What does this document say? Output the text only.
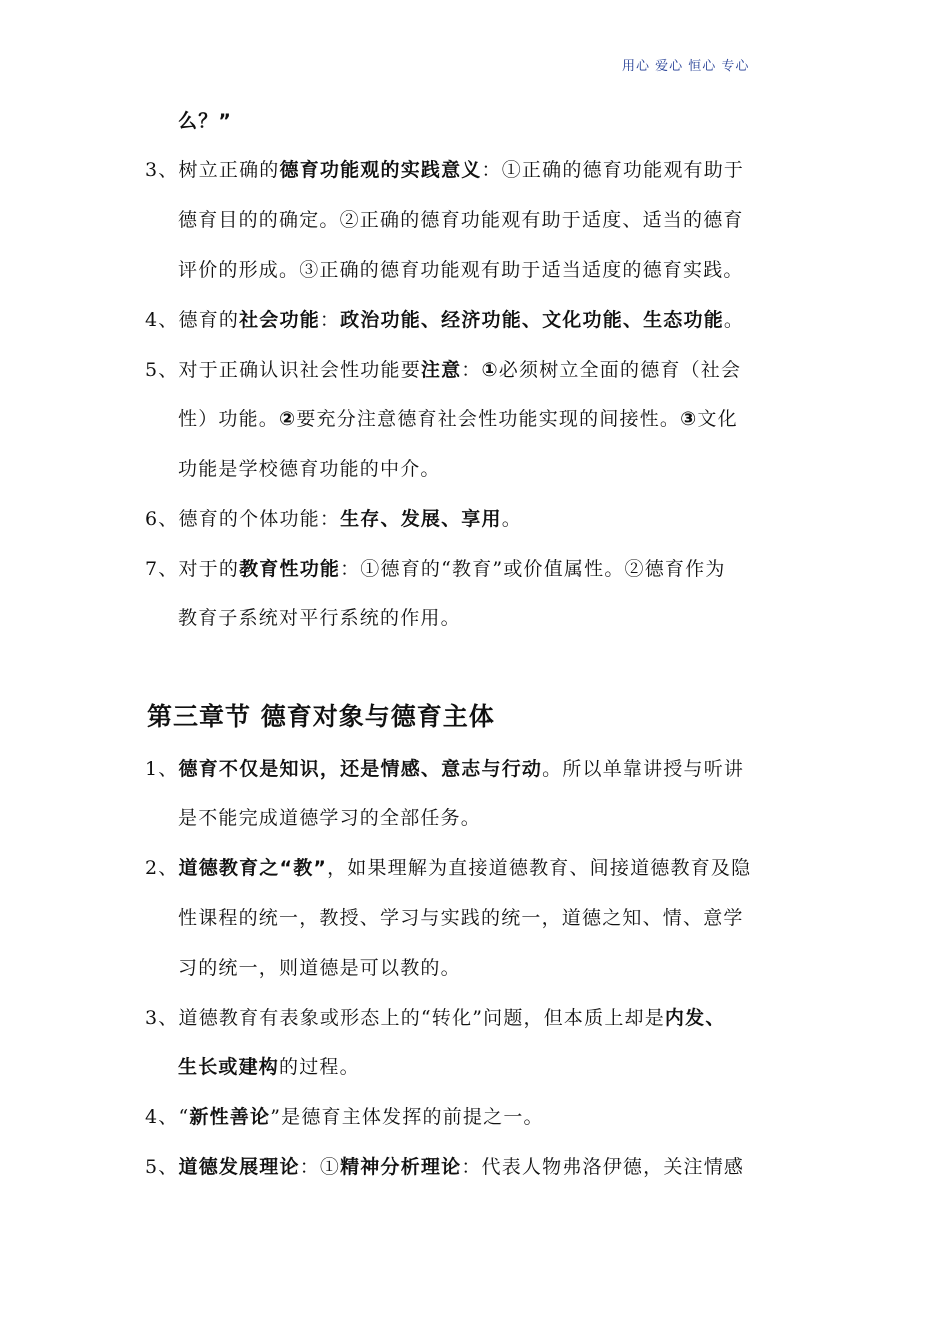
用心 爱心 恒心 专心
么？”
3、树立正确的德育功能观的实践意义：①正确的德育功能观有助于
德育目的的确定。②正确的德育功能观有助于适度、适当的德育
评价的形成。③正确的德育功能观有助于适当适度的德育实践。
4、德育的社会功能：政治功能、经济功能、文化功能、生态功能。
5、对于正确认识社会性功能要注意：①必须树立全面的德育（社会
性）功能。②要充分注意德育社会性功能实现的间接性。③文化
功能是学校德育功能的中介。
6、德育的个体功能：生存、发展、享用。
7、对于的教育性功能：①德育的“教育”或价值属性。②德育作为
教育子系统对平行系统的作用。
第三章节 德育对象与德育主体
1、德育不仅是知识，还是情感、意志与行动。所以单靠讲授与听讲
是不能完成道德学习的全部任务。
2、道德教育之“教”，如果理解为直接道德教育、间接道德教育及隐
性课程的统一，教授、学习与实践的统一，道德之知、情、意学
习的统一，则道德是可以教的。
3、道德教育有表象或形态上的“转化”问题，但本质上却是内发、
生长或建构的过程。
4、“新性善论”是德育主体发挥的前提之一。
5、道德发展理论：①精神分析理论：代表人物弗洛伊德，关注情感
